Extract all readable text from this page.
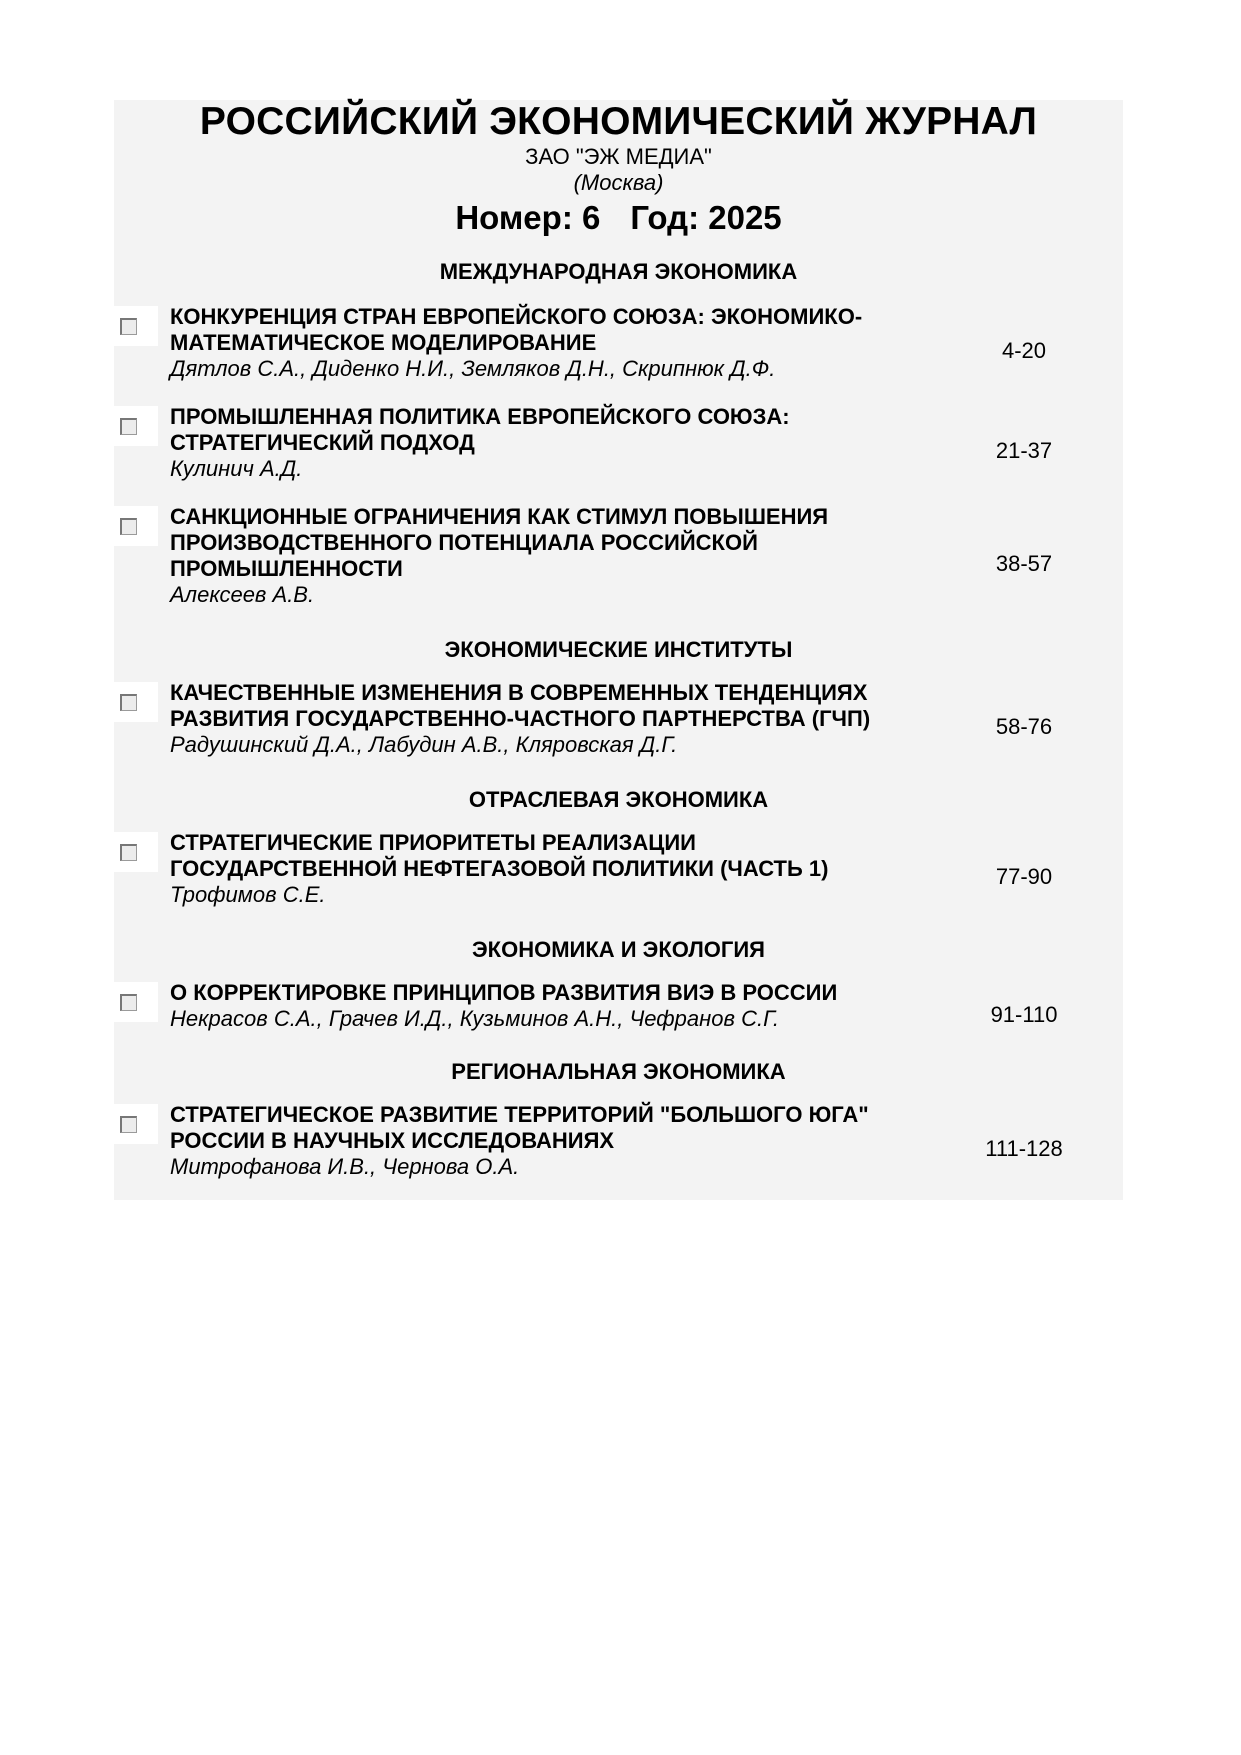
РОССИЙСКИЙ ЭКОНОМИЧЕСКИЙ ЖУРНАЛ
ЗАО "ЭЖ МЕДИА"
(Москва)
Номер: 6 Год: 2025
МЕЖДУНАРОДНАЯ ЭКОНОМИКА
КОНКУРЕНЦИЯ СТРАН ЕВРОПЕЙСКОГО СОЮЗА: ЭКОНОМИКО-
МАТЕМАТИЧЕСКОЕ МОДЕЛИРОВАНИЕ
Дятлов С.А., Диденко Н.И., Земляков Д.Н., Скрипнюк Д.Ф.
4-20
ПРОМЫШЛЕННАЯ ПОЛИТИКА ЕВРОПЕЙСКОГО СОЮЗА:
СТРАТЕГИЧЕСКИЙ ПОДХОД
Кулинич А.Д.
21-37
САНКЦИОННЫЕ ОГРАНИЧЕНИЯ КАК СТИМУЛ ПОВЫШЕНИЯ
ПРОИЗВОДСТВЕННОГО ПОТЕНЦИАЛА РОССИЙСКОЙ
ПРОМЫШЛЕННОСТИ
Алексеев А.В.
38-57
ЭКОНОМИЧЕСКИЕ ИНСТИТУТЫ
КАЧЕСТВЕННЫЕ ИЗМЕНЕНИЯ В СОВРЕМЕННЫХ ТЕНДЕНЦИЯХ
РАЗВИТИЯ ГОСУДАРСТВЕННО-ЧАСТНОГО ПАРТНЕРСТВА (ГЧП)
Радушинский Д.А., Лабудин А.В., Кляровская Д.Г.
58-76
ОТРАСЛЕВАЯ ЭКОНОМИКА
СТРАТЕГИЧЕСКИЕ ПРИОРИТЕТЫ РЕАЛИЗАЦИИ
ГОСУДАРСТВЕННОЙ НЕФТЕГАЗОВОЙ ПОЛИТИКИ (ЧАСТЬ 1)
Трофимов С.Е.
77-90
ЭКОНОМИКА И ЭКОЛОГИЯ
О КОРРЕКТИРОВКЕ ПРИНЦИПОВ РАЗВИТИЯ ВИЭ В РОССИИ
Некрасов С.А., Грачев И.Д., Кузьминов А.Н., Чефранов С.Г.	91-110
РЕГИОНАЛЬНАЯ ЭКОНОМИКА
СТРАТЕГИЧЕСКОЕ РАЗВИТИЕ ТЕРРИТОРИЙ "БОЛЬШОГО ЮГА"
РОССИИ В НАУЧНЫХ ИССЛЕДОВАНИЯХ
Митрофанова И.В., Чернова О.А.
111-128
